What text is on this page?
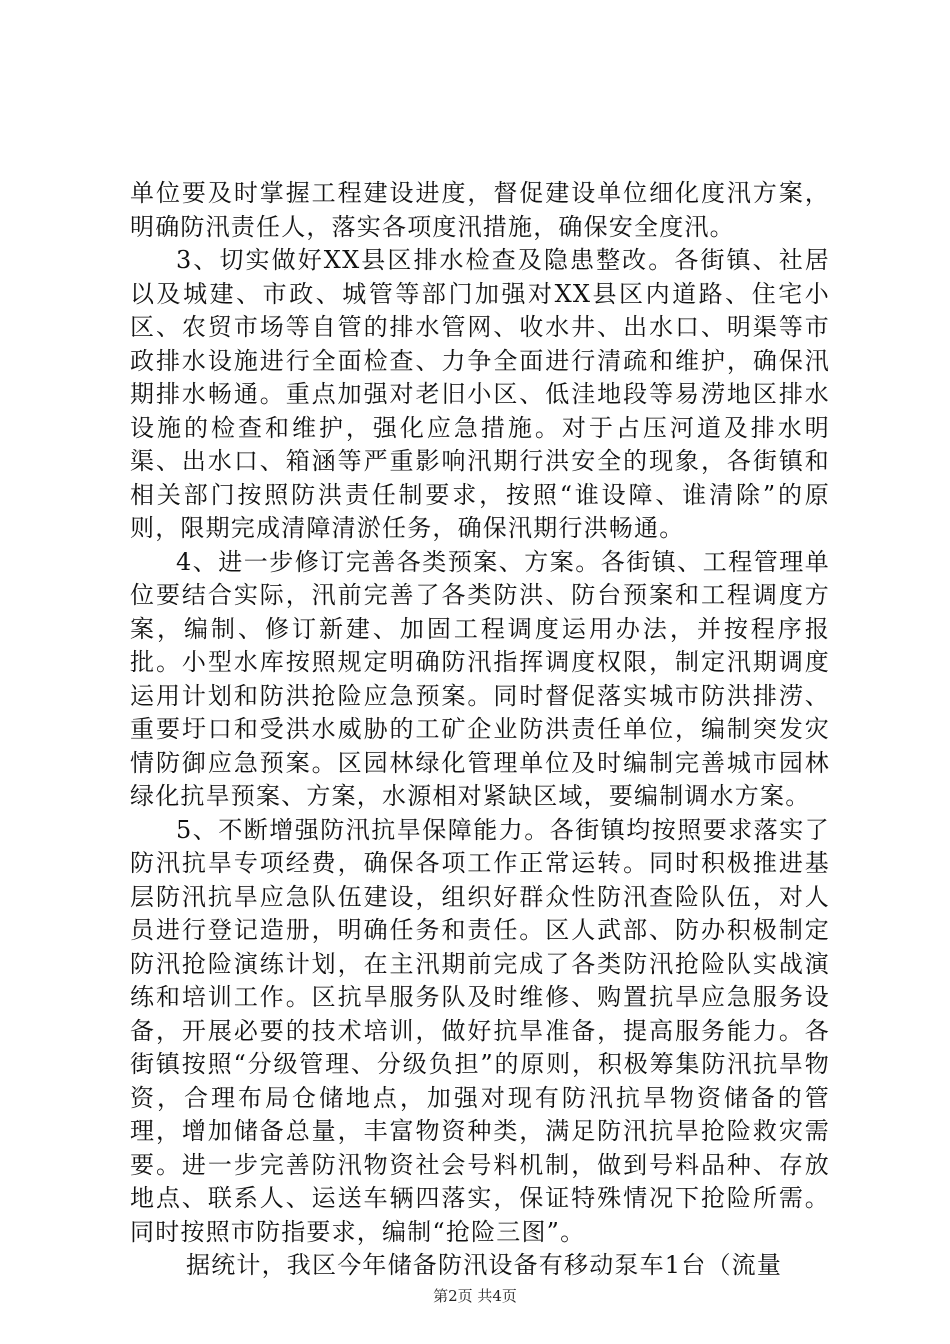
单位要及时掌握工程建设进度，督促建设单位细化度汛方案，明确防汛责任人，落实各项度汛措施，确保安全度汛。

3、切实做好XX县区排水检查及隐患整改。各街镇、社居以及城建、市政、城管等部门加强对XX县区内道路、住宅小区、农贸市场等自管的排水管网、收水井、出水口、明渠等市政排水设施进行全面检查、力争全面进行清疏和维护，确保汛期排水畅通。重点加强对老旧小区、低洼地段等易涝地区排水设施的检查和维护，强化应急措施。对于占压河道及排水明渠、出水口、箱涵等严重影响汛期行洪安全的现象，各街镇和相关部门按照防洪责任制要求，按照“谁设障、谁清除”的原则，限期完成清障清淤任务，确保汛期行洪畅通。

4、进一步修订完善各类预案、方案。各街镇、工程管理单位要结合实际，汛前完善了各类防洪、防台预案和工程调度方案，编制、修订新建、加固工程调度运用办法，并按程序报批。小型水库按照规定明确防汛指挥调度权限，制定汛期调度运用计划和防洪抢险应急预案。同时督促落实城市防洪排涝、重要圩口和受洪水威胁的工矿企业防洪责任单位，编制突发灾情防御应急预案。区园林绿化管理单位及时编制完善城市园林绿化抗旱预案、方案，水源相对紧缺区域，要编制调水方案。

5、不断增强防汛抗旱保障能力。各街镇均按照要求落实了防汛抗旱专项经费，确保各项工作正常运转。同时积极推进基层防汛抗旱应急队伍建设，组织好群众性防汛查险队伍，对人员进行登记造册，明确任务和责任。区人武部、防办积极制定防汛抢险演练计划，在主汛期前完成了各类防汛抢险队实战演练和培训工作。区抗旱服务队及时维修、购置抗旱应急服务设备，开展必要的技术培训，做好抗旱准备，提高服务能力。各街镇按照“分级管理、分级负担”的原则，积极筹集防汛抗旱物资，合理布局仓储地点，加强对现有防汛抗旱物资储备的管理，增加储备总量，丰富物资种类，满足防汛抗旱抢险救灾需要。进一步完善防汛物资社会号料机制，做到号料品种、存放地点、联系人、运送车辆四落实，保证特殊情况下抢险所需。同时按照市防指要求，编制“抢险三图”。

据统计，我区今年储备防汛设备有移动泵车1台（流量

第2页 共4页
